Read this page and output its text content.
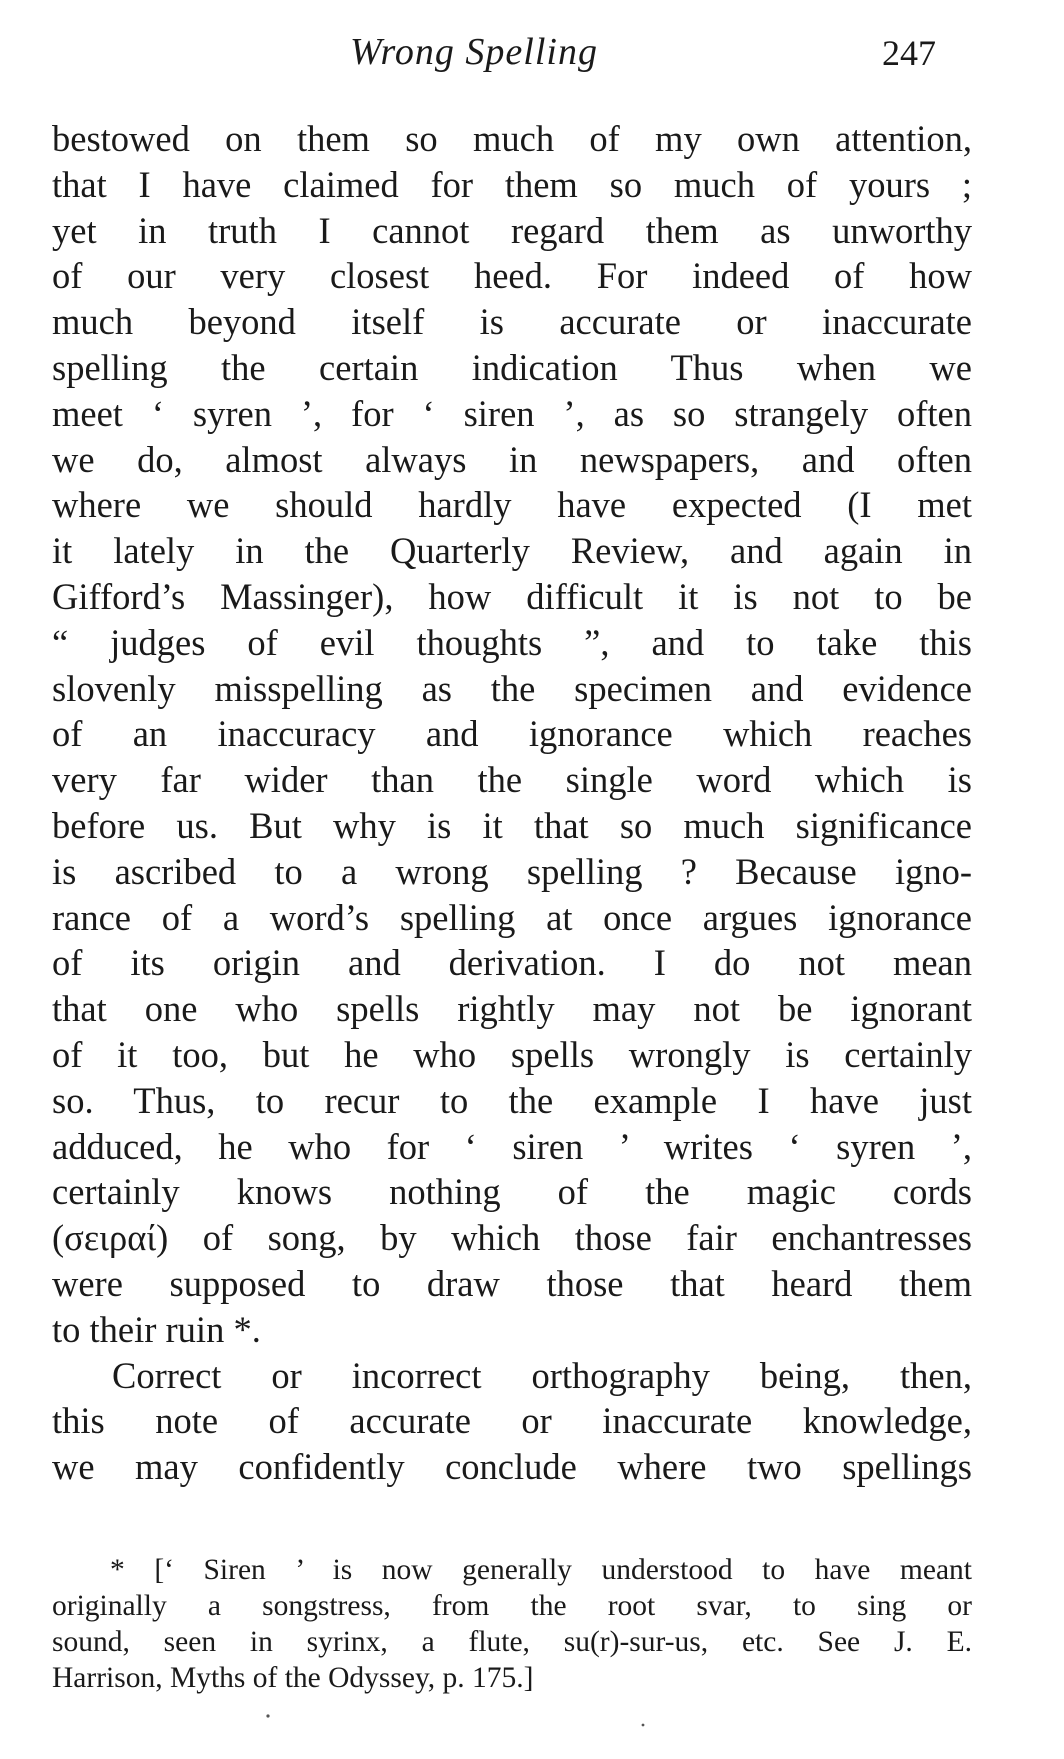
Wrong Spelling	247
bestowed on them so much of my own attention,
that I have claimed for them so much of yours ;
yet in truth I cannot regard them as unworthy
of our very closest heed. For indeed of how
much beyond itself is accurate or inaccurate
spelling the certain indication Thus when we
meet ‘ syren ’, for ‘ siren ’, as so strangely often
we do, almost always in newspapers, and often
where we should hardly have expected (I met
it lately in the Quarterly Review, and again in
Gifford’s Massinger), how difficult it is not to be
“ judges of evil thoughts ”, and to take this
slovenly misspelling as the specimen and evidence
of an inaccuracy and ignorance which reaches
very far wider than the single word which is
before us. But why is it that so much significance
is ascribed to a wrong spelling ? Because igno-
rance of a word’s spelling at once argues ignorance
of its origin and derivation. I do not mean
that one who spells rightly may not be ignorant
of it too, but he who spells wrongly is certainly
so. Thus, to recur to the example I have just
adduced, he who for ‘ siren ’ writes ‘ syren ’,
certainly knows nothing of the magic cords
(σειραί) of song, by which those fair enchantresses
were supposed to draw those that heard them
to their ruin *.
Correct or incorrect orthography being, then,
this note of accurate or inaccurate knowledge,
we may confidently conclude where two spellings
* [‘ Siren ’ is now generally understood to have meant
originally a songstress, from the root svar, to sing or
sound, seen in syrinx, a flute, su(r)-sur-us, etc. See J. E.
Harrison, Myths of the Odyssey, p. 175.]
